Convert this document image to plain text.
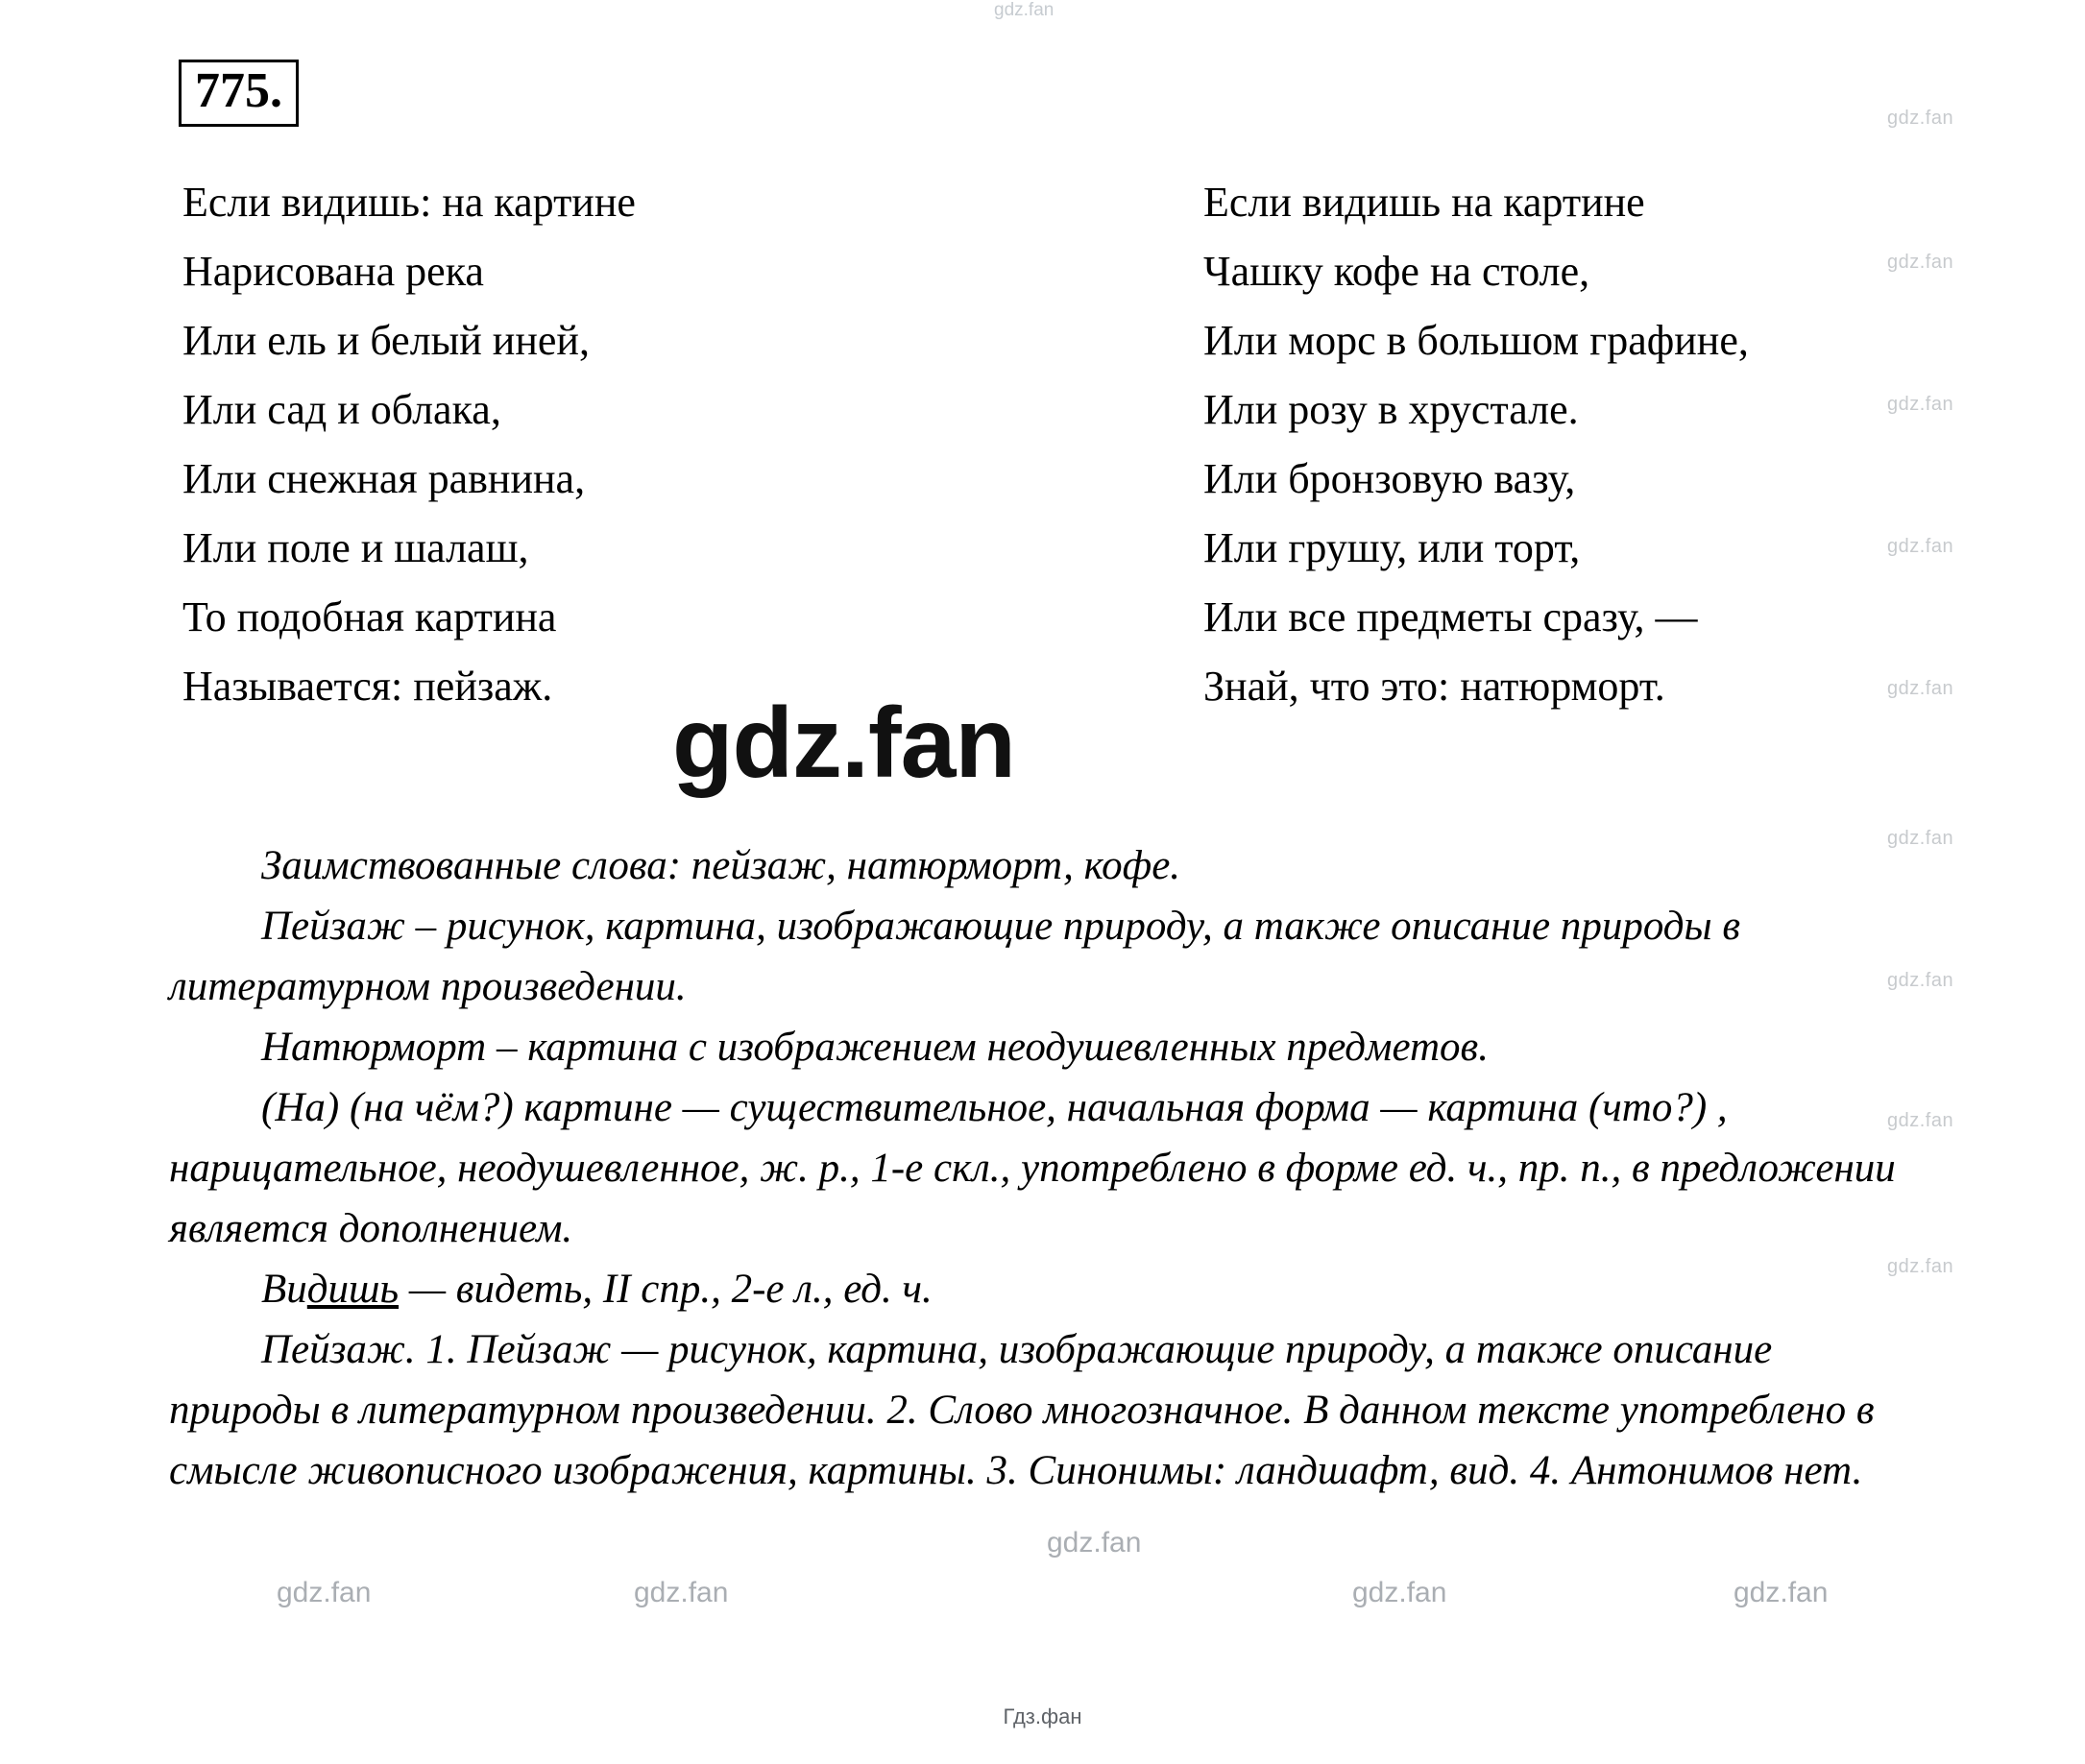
gdz.fan
775.
Если видишь: на картине
Нарисована река
Или ель и белый иней,
Или сад и облака,
Или снежная равнина,
Или поле и шалаш,
То подобная картина
Называется: пейзаж.
Если видишь на картине
Чашку кофе на столе,
Или морс в большом графине,
Или розу в хрустале.
Или бронзовую вазу,
Или грушу, или торт,
Или все предметы сразу, —
Знай, что это: натюрморт.
gdz.fan

Заимствованные слова: пейзаж, натюрморт, кофе.

Пейзаж – рисунок, картина, изображающие природу, а также описание природы в литературном произведении.

Натюрморт – картина с изображением неодушевленных предметов.

(На) (на чём?) картине — существительное, начальная форма — картина (что?) , нарицательное, неодушевленное, ж. р., 1-е скл., употреблено в форме ед. ч., пр. п., в предложении является дополнением.

Видишь — видеть, II спр., 2-е л., ед. ч.

Пейзаж. 1. Пейзаж — рисунок, картина, изображающие природу, а также описание природы в литературном произведении. 2. Слово многозначное. В данном тексте употреблено в смысле живописного изображения, картины. 3. Синонимы: ландшафт, вид. 4. Антонимов нет.

gdz.fan
gdz.fan
gdz.fan
gdz.fan
gdz.fan
gdz.fan
gdz.fan
gdz.fan
gdz.fan
gdz.fan
gdz.fan	gdz.fan	gdz.fan	gdz.fan
Гдз.фан
